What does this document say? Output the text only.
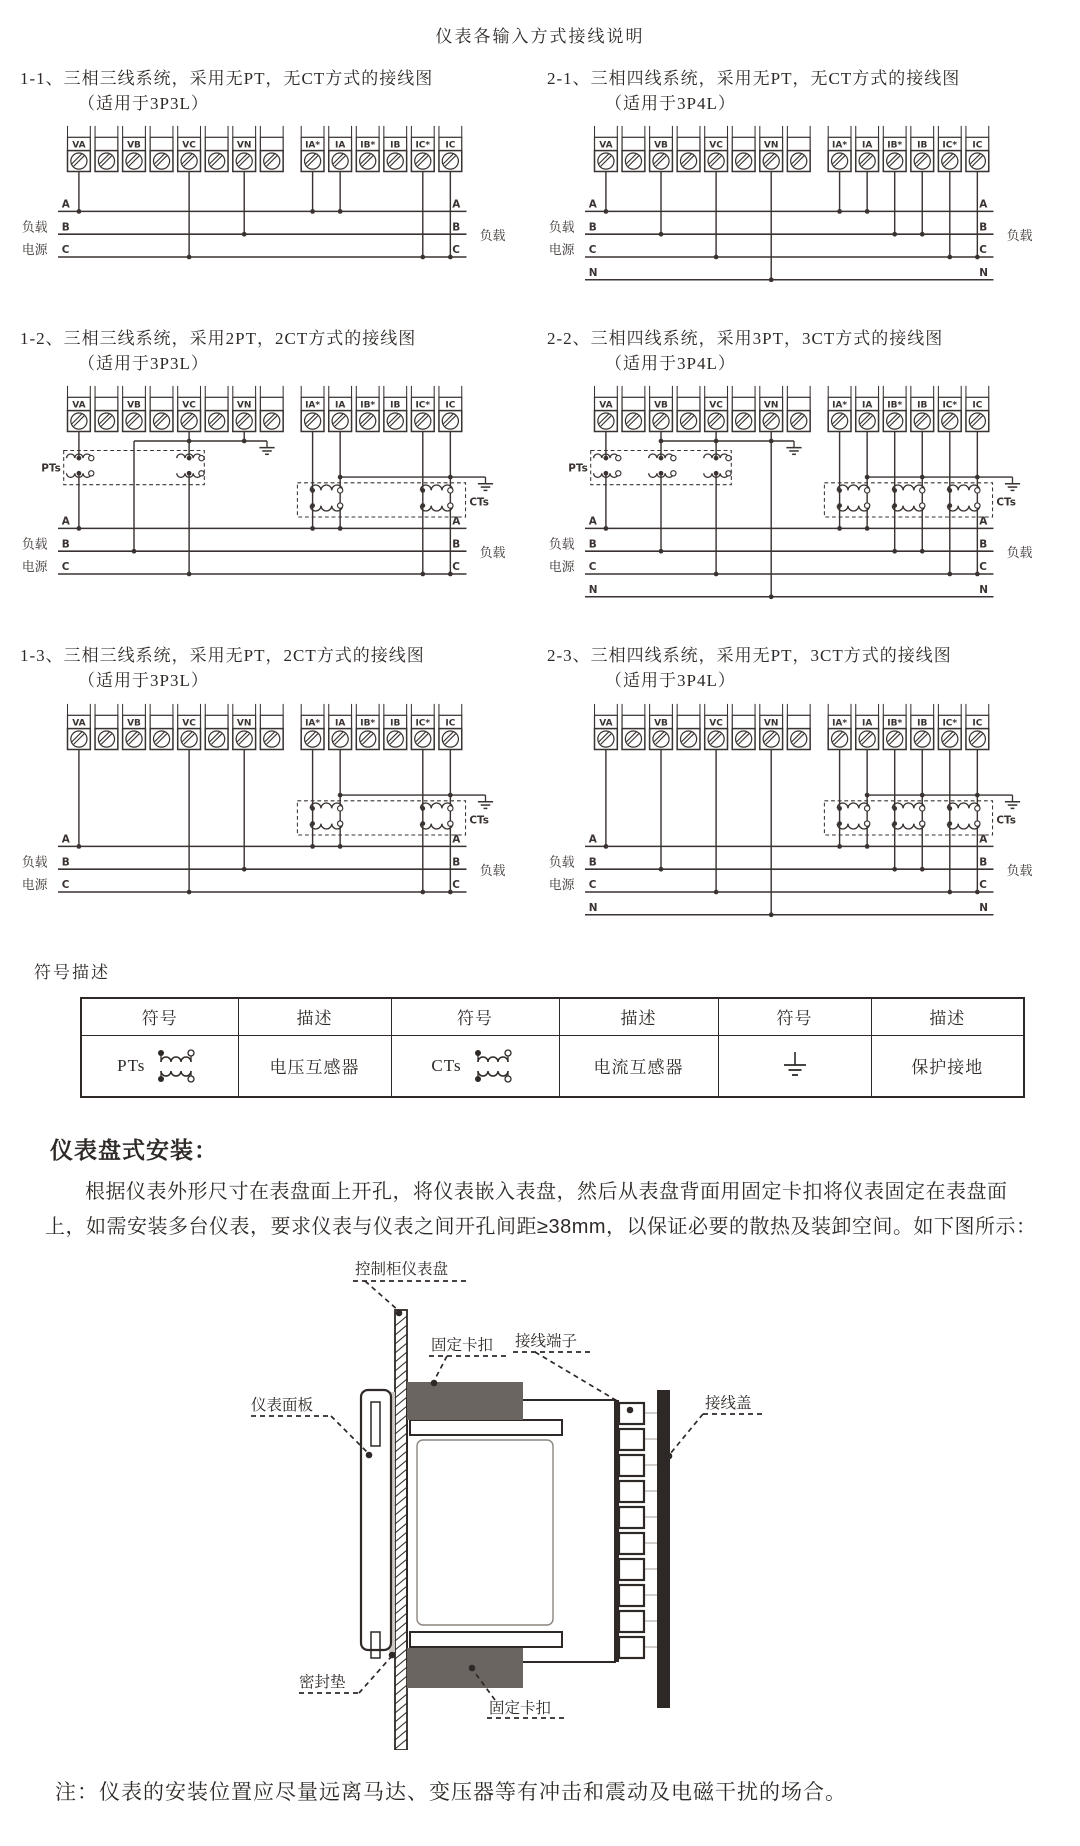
仪表各输入方式接线说明
1-1、三相三线系统，采用无PT，无CT方式的接线图
（适用于3P3L）
VA	VB	VC	VN	IA* IA IB* IB IC* IC
A	A
B	B
C	C
负载
电源
负载
2-1、三相四线系统，采用无PT，无CT方式的接线图
（适用于3P4L）
VA	VB	VC	VN	IA* IA IB* IB IC* IC
A	A
B	B
C	C
N	N
负载
电源
负载
1-2、三相三线系统，采用2PT，2CT方式的接线图
（适用于3P3L）
VA	VB	VC	VN	IA* IA IB* IB IC* IC
A	A
B	B
C	C
负载
电源
负载
PTs
CTs
2-2、三相四线系统，采用3PT，3CT方式的接线图
（适用于3P4L）
VA	VB	VC	VN	IA* IA IB* IB IC* IC
A	A
B	B
C	C
N	N
负载
电源
负载
PTs
CTs
1-3、三相三线系统，采用无PT，2CT方式的接线图
（适用于3P3L）
VA	VB	VC	VN	IA* IA IB* IB IC* IC
A	A
B	B
C	C
负载
电源
负载
CTs
2-3、三相四线系统，采用无PT，3CT方式的接线图
（适用于3P4L）
VA	VB	VC	VN	IA* IA IB* IB IC* IC
A	A
B	B
C	C
N	N
负载
电源
负载
CTs
符号描述
符号	描述	符号	描述	符号	描述

PTs	电压互感器	CTs	电流互感器		保护接地
仪表盘式安装：
根据仪表外形尺寸在表盘面上开孔，将仪表嵌入表盘，然后从表盘背面用固定卡扣将仪表固定在表盘面上，如需安装多台仪表，要求仪表与仪表之间开孔间距≥38mm，以保证必要的散热及装卸空间。如下图所示：
控制柜仪表盘
固定卡扣 接线端子
接线盖
仪表面板
密封垫
固定卡扣
注：仪表的安装位置应尽量远离马达、变压器等有冲击和震动及电磁干扰的场合。
